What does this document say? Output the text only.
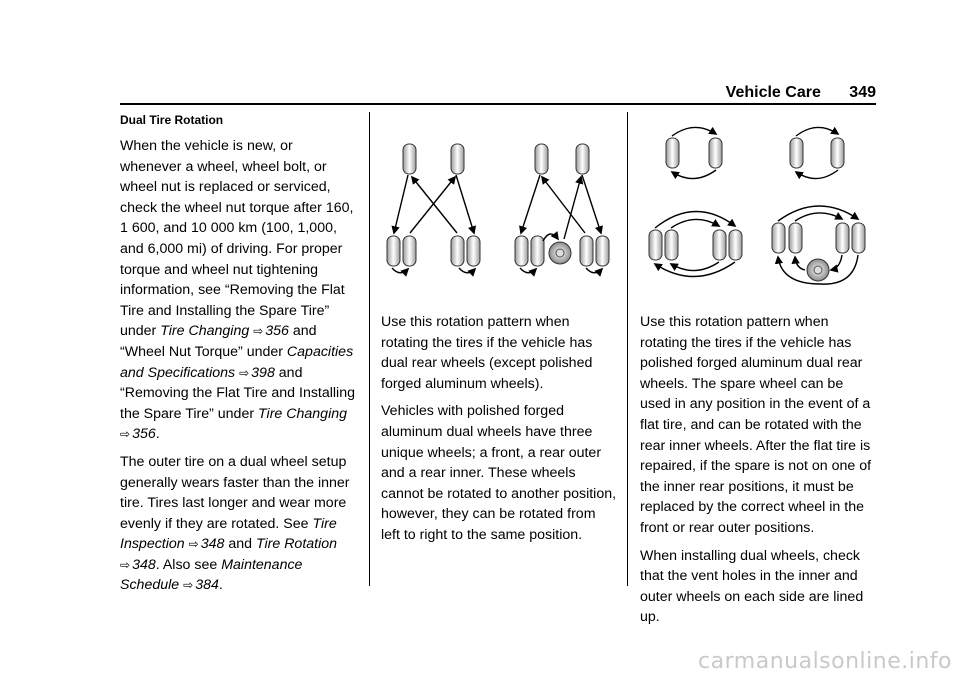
Vehicle Care 349
Dual Tire Rotation

When the vehicle is new, or whenever a wheel, wheel bolt, or wheel nut is replaced or serviced, check the wheel nut torque after 160, 1 600, and 10 000 km (100, 1,000, and 6,000 mi) of driving. For proper torque and wheel nut tightening information, see “Removing the Flat Tire and Installing the Spare Tire” under Tire Changing ⇨ 356 and “Wheel Nut Torque” under Capacities and Specifications ⇨ 398 and “Removing the Flat Tire and Installing the Spare Tire” under Tire Changing ⇨ 356.

The outer tire on a dual wheel setup generally wears faster than the inner tire. Tires last longer and wear more evenly if they are rotated. See Tire Inspection ⇨ 348 and Tire Rotation ⇨ 348. Also see Maintenance Schedule ⇨ 384.

Use this rotation pattern when rotating the tires if the vehicle has dual rear wheels (except polished forged aluminum wheels).

Vehicles with polished forged aluminum dual wheels have three unique wheels; a front, a rear outer and a rear inner. These wheels cannot be rotated to another position, however, they can be rotated from left to right to the same position.

Use this rotation pattern when rotating the tires if the vehicle has polished forged aluminum dual rear wheels. The spare wheel can be used in any position in the event of a flat tire, and can be rotated with the rear inner wheels. After the flat tire is repaired, if the spare is not on one of the inner rear positions, it must be replaced by the correct wheel in the front or rear outer positions.

When installing dual wheels, check that the vent holes in the inner and outer wheels on each side are lined up.

carmanualsonline.info
